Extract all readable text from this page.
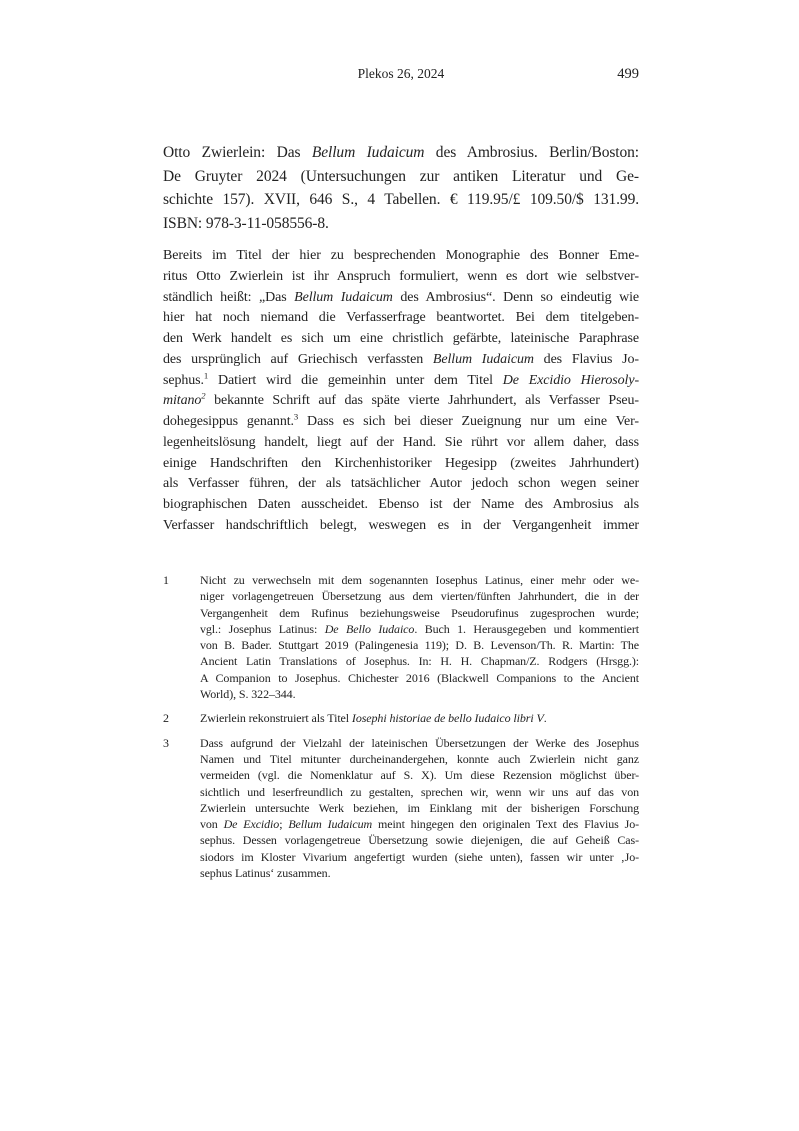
Plekos 26, 2024	499
Otto Zwierlein: Das Bellum Iudaicum des Ambrosius. Berlin/Boston:
De Gruyter 2024 (Untersuchungen zur antiken Literatur und Ge-
schichte 157). XVII, 646 S., 4 Tabellen. € 119.95/£ 109.50/$ 131.99.
ISBN: 978-3-11-058556-8.
Bereits im Titel der hier zu besprechenden Monographie des Bonner Eme-
ritus Otto Zwierlein ist ihr Anspruch formuliert, wenn es dort wie selbstver-
ständlich heißt: „Das Bellum Iudaicum des Ambrosius“. Denn so eindeutig wie
hier hat noch niemand die Verfasserfrage beantwortet. Bei dem titelgeben-
den Werk handelt es sich um eine christlich gefärbte, lateinische Paraphrase
des ursprünglich auf Griechisch verfassten Bellum Iudaicum des Flavius Jo-
sephus.$^1$ Datiert wird die gemeinhin unter dem Titel De Excidio Hierosoly-
mitano$^2$ bekannte Schrift auf das späte vierte Jahrhundert, als Verfasser Pseu-
dohegesippus genannt.$^3$ Dass es sich bei dieser Zueignung nur um eine Ver-
legenheitslösung handelt, liegt auf der Hand. Sie rührt vor allem daher, dass
einige Handschriften den Kirchenhistoriker Hegesipp (zweites Jahrhundert)
als Verfasser führen, der als tatsächlicher Autor jedoch schon wegen seiner
biographischen Daten ausscheidet. Ebenso ist der Name des Ambrosius als
Verfasser handschriftlich belegt, weswegen es in der Vergangenheit immer
1	Nicht zu verwechseln mit dem sogenannten Iosephus Latinus, einer mehr oder we-
niger vorlagengetreuen Übersetzung aus dem vierten/fünften Jahrhundert, die in der
Vergangenheit dem Rufinus beziehungsweise Pseudorufinus zugesprochen wurde;
vgl.: Josephus Latinus: De Bello Iudaico. Buch 1. Herausgegeben und kommentiert
von B. Bader. Stuttgart 2019 (Palingenesia 119); D. B. Levenson/Th. R. Martin: The
Ancient Latin Translations of Josephus. In: H. H. Chapman/Z. Rodgers (Hrsgg.):
A Companion to Josephus. Chichester 2016 (Blackwell Companions to the Ancient
World), S. 322–344.
2	Zwierlein rekonstruiert als Titel Iosephi historiae de bello Iudaico libri V.
3	Dass aufgrund der Vielzahl der lateinischen Übersetzungen der Werke des Josephus
Namen und Titel mitunter durcheinandergehen, konnte auch Zwierlein nicht ganz
vermeiden (vgl. die Nomenklatur auf S. X). Um diese Rezension möglichst über-
sichtlich und leserfreundlich zu gestalten, sprechen wir, wenn wir uns auf das von
Zwierlein untersuchte Werk beziehen, im Einklang mit der bisherigen Forschung
von De Excidio; Bellum Iudaicum meint hingegen den originalen Text des Flavius Jo-
sephus. Dessen vorlagengetreue Übersetzung sowie diejenigen, die auf Geheiß Cas-
siodors im Kloster Vivarium angefertigt wurden (siehe unten), fassen wir unter ‚Jo-
sephus Latinus‘ zusammen.
